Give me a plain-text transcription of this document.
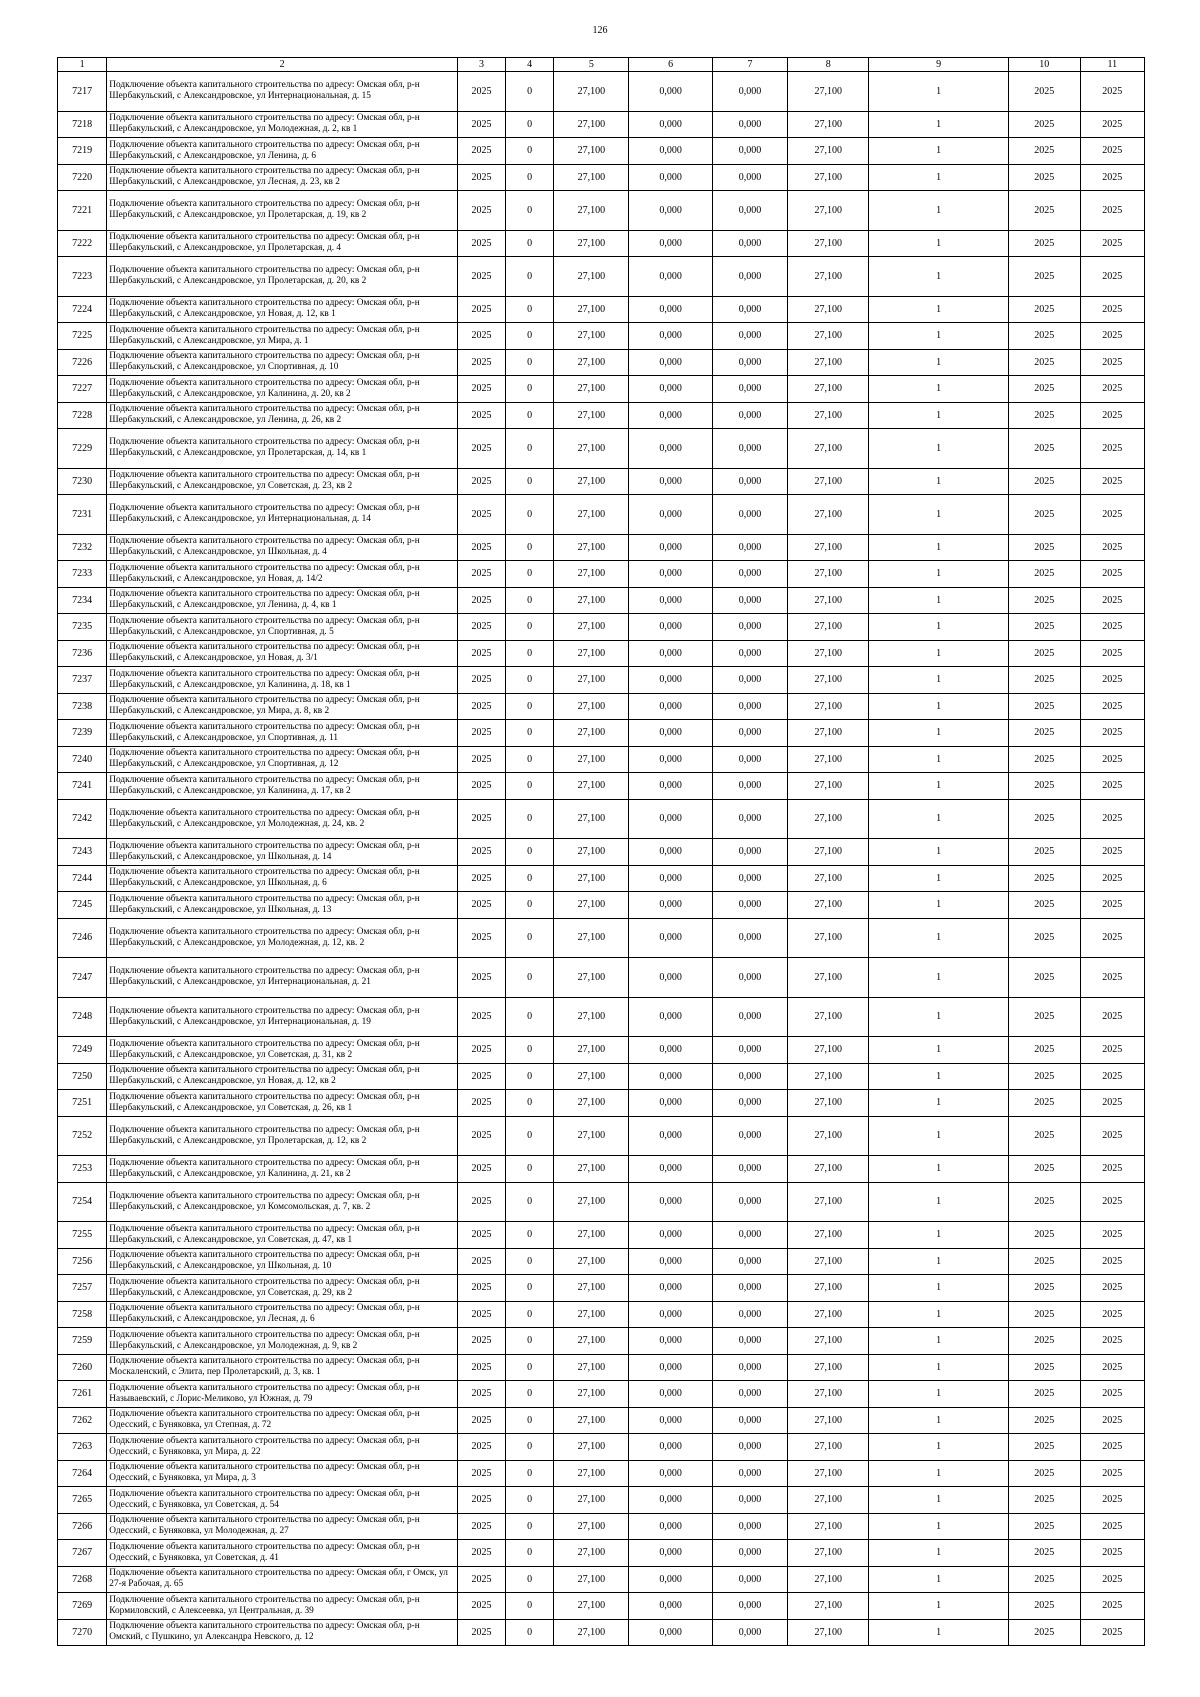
126
1	2	3	4	5	6	7	8	9	10	11
7217	Подключение объекта капитального строительства по адресу: Омская обл, р-н Шербакульский, с Александровское, ул Интернациональная, д. 15	2025	0	27,100	0,000	0,000	27,100	1	2025	2025
7218	Подключение объекта капитального строительства по адресу: Омская обл, р-н Шербакульский, с Александровское, ул Молодежная, д. 2, кв 1	2025	0	27,100	0,000	0,000	27,100	1	2025	2025
7219	Подключение объекта капитального строительства по адресу: Омская обл, р-н Шербакульский, с Александровское, ул Ленина, д. 6	2025	0	27,100	0,000	0,000	27,100	1	2025	2025
7220	Подключение объекта капитального строительства по адресу: Омская обл, р-н Шербакульский, с Александровское, ул Лесная, д. 23, кв 2	2025	0	27,100	0,000	0,000	27,100	1	2025	2025
7221	Подключение объекта капитального строительства по адресу: Омская обл, р-н Шербакульский, с Александровское, ул Пролетарская, д. 19, кв 2	2025	0	27,100	0,000	0,000	27,100	1	2025	2025
7222	Подключение объекта капитального строительства по адресу: Омская обл, р-н Шербакульский, с Александровское, ул Пролетарская, д. 4	2025	0	27,100	0,000	0,000	27,100	1	2025	2025
7223	Подключение объекта капитального строительства по адресу: Омская обл, р-н Шербакульский, с Александровское, ул Пролетарская, д. 20, кв 2	2025	0	27,100	0,000	0,000	27,100	1	2025	2025
7224	Подключение объекта капитального строительства по адресу: Омская обл, р-н Шербакульский, с Александровское, ул Новая, д. 12, кв 1	2025	0	27,100	0,000	0,000	27,100	1	2025	2025
7225	Подключение объекта капитального строительства по адресу: Омская обл, р-н Шербакульский, с Александровское, ул Мира, д. 1	2025	0	27,100	0,000	0,000	27,100	1	2025	2025
7226	Подключение объекта капитального строительства по адресу: Омская обл, р-н Шербакульский, с Александровское, ул Спортивная, д. 10	2025	0	27,100	0,000	0,000	27,100	1	2025	2025
7227	Подключение объекта капитального строительства по адресу: Омская обл, р-н Шербакульский, с Александровское, ул Калинина, д. 20, кв 2	2025	0	27,100	0,000	0,000	27,100	1	2025	2025
7228	Подключение объекта капитального строительства по адресу: Омская обл, р-н Шербакульский, с Александровское, ул Ленина, д. 26, кв 2	2025	0	27,100	0,000	0,000	27,100	1	2025	2025
7229	Подключение объекта капитального строительства по адресу: Омская обл, р-н Шербакульский, с Александровское, ул Пролетарская, д. 14, кв 1	2025	0	27,100	0,000	0,000	27,100	1	2025	2025
7230	Подключение объекта капитального строительства по адресу: Омская обл, р-н Шербакульский, с Александровское, ул Советская, д. 23, кв 2	2025	0	27,100	0,000	0,000	27,100	1	2025	2025
7231	Подключение объекта капитального строительства по адресу: Омская обл, р-н Шербакульский, с Александровское, ул Интернациональная, д. 14	2025	0	27,100	0,000	0,000	27,100	1	2025	2025
7232	Подключение объекта капитального строительства по адресу: Омская обл, р-н Шербакульский, с Александровское, ул Школьная, д. 4	2025	0	27,100	0,000	0,000	27,100	1	2025	2025
7233	Подключение объекта капитального строительства по адресу: Омская обл, р-н Шербакульский, с Александровское, ул Новая, д. 14/2	2025	0	27,100	0,000	0,000	27,100	1	2025	2025
7234	Подключение объекта капитального строительства по адресу: Омская обл, р-н Шербакульский, с Александровское, ул Ленина, д. 4, кв 1	2025	0	27,100	0,000	0,000	27,100	1	2025	2025
7235	Подключение объекта капитального строительства по адресу: Омская обл, р-н Шербакульский, с Александровское, ул Спортивная, д. 5	2025	0	27,100	0,000	0,000	27,100	1	2025	2025
7236	Подключение объекта капитального строительства по адресу: Омская обл, р-н Шербакульский, с Александровское, ул Новая, д. 3/1	2025	0	27,100	0,000	0,000	27,100	1	2025	2025
7237	Подключение объекта капитального строительства по адресу: Омская обл, р-н Шербакульский, с Александровское, ул Калинина, д. 18, кв 1	2025	0	27,100	0,000	0,000	27,100	1	2025	2025
7238	Подключение объекта капитального строительства по адресу: Омская обл, р-н Шербакульский, с Александровское, ул Мира, д. 8, кв 2	2025	0	27,100	0,000	0,000	27,100	1	2025	2025
7239	Подключение объекта капитального строительства по адресу: Омская обл, р-н Шербакульский, с Александровское, ул Спортивная, д. 11	2025	0	27,100	0,000	0,000	27,100	1	2025	2025
7240	Подключение объекта капитального строительства по адресу: Омская обл, р-н Шербакульский, с Александровское, ул Спортивная, д. 12	2025	0	27,100	0,000	0,000	27,100	1	2025	2025
7241	Подключение объекта капитального строительства по адресу: Омская обл, р-н Шербакульский, с Александровское, ул Калинина, д. 17, кв 2	2025	0	27,100	0,000	0,000	27,100	1	2025	2025
7242	Подключение объекта капитального строительства по адресу: Омская обл, р-н Шербакульский, с Александровское, ул Молодежная, д. 24, кв. 2	2025	0	27,100	0,000	0,000	27,100	1	2025	2025
7243	Подключение объекта капитального строительства по адресу: Омская обл, р-н Шербакульский, с Александровское, ул Школьная, д. 14	2025	0	27,100	0,000	0,000	27,100	1	2025	2025
7244	Подключение объекта капитального строительства по адресу: Омская обл, р-н Шербакульский, с Александровское, ул Школьная, д. 6	2025	0	27,100	0,000	0,000	27,100	1	2025	2025
7245	Подключение объекта капитального строительства по адресу: Омская обл, р-н Шербакульский, с Александровское, ул Школьная, д. 13	2025	0	27,100	0,000	0,000	27,100	1	2025	2025
7246	Подключение объекта капитального строительства по адресу: Омская обл, р-н Шербакульский, с Александровское, ул Молодежная, д. 12, кв. 2	2025	0	27,100	0,000	0,000	27,100	1	2025	2025
7247	Подключение объекта капитального строительства по адресу: Омская обл, р-н Шербакульский, с Александровское, ул Интернациональная, д. 21	2025	0	27,100	0,000	0,000	27,100	1	2025	2025
7248	Подключение объекта капитального строительства по адресу: Омская обл, р-н Шербакульский, с Александровское, ул Интернациональная, д. 19	2025	0	27,100	0,000	0,000	27,100	1	2025	2025
7249	Подключение объекта капитального строительства по адресу: Омская обл, р-н Шербакульский, с Александровское, ул Советская, д. 31, кв 2	2025	0	27,100	0,000	0,000	27,100	1	2025	2025
7250	Подключение объекта капитального строительства по адресу: Омская обл, р-н Шербакульский, с Александровское, ул Новая, д. 12, кв 2	2025	0	27,100	0,000	0,000	27,100	1	2025	2025
7251	Подключение объекта капитального строительства по адресу: Омская обл, р-н Шербакульский, с Александровское, ул Советская, д. 26, кв 1	2025	0	27,100	0,000	0,000	27,100	1	2025	2025
7252	Подключение объекта капитального строительства по адресу: Омская обл, р-н Шербакульский, с Александровское, ул Пролетарская, д. 12, кв 2	2025	0	27,100	0,000	0,000	27,100	1	2025	2025
7253	Подключение объекта капитального строительства по адресу: Омская обл, р-н Шербакульский, с Александровское, ул Калинина, д. 21, кв 2	2025	0	27,100	0,000	0,000	27,100	1	2025	2025
7254	Подключение объекта капитального строительства по адресу: Омская обл, р-н Шербакульский, с Александровское, ул Комсомольская, д. 7, кв. 2	2025	0	27,100	0,000	0,000	27,100	1	2025	2025
7255	Подключение объекта капитального строительства по адресу: Омская обл, р-н Шербакульский, с Александровское, ул Советская, д. 47, кв 1	2025	0	27,100	0,000	0,000	27,100	1	2025	2025
7256	Подключение объекта капитального строительства по адресу: Омская обл, р-н Шербакульский, с Александровское, ул Школьная, д. 10	2025	0	27,100	0,000	0,000	27,100	1	2025	2025
7257	Подключение объекта капитального строительства по адресу: Омская обл, р-н Шербакульский, с Александровское, ул Советская, д. 29, кв 2	2025	0	27,100	0,000	0,000	27,100	1	2025	2025
7258	Подключение объекта капитального строительства по адресу: Омская обл, р-н Шербакульский, с Александровское, ул Лесная, д. 6	2025	0	27,100	0,000	0,000	27,100	1	2025	2025
7259	Подключение объекта капитального строительства по адресу: Омская обл, р-н Шербакульский, с Александровское, ул Молодежная, д. 9, кв 2	2025	0	27,100	0,000	0,000	27,100	1	2025	2025
7260	Подключение объекта капитального строительства по адресу: Омская обл, р-н Москаленский, с Элита, пер Пролетарский, д. 3, кв. 1	2025	0	27,100	0,000	0,000	27,100	1	2025	2025
7261	Подключение объекта капитального строительства по адресу: Омская обл, р-н Называевский, с Лорис-Меликово, ул Южная, д. 79	2025	0	27,100	0,000	0,000	27,100	1	2025	2025
7262	Подключение объекта капитального строительства по адресу: Омская обл, р-н Одесский, с Буняковка, ул Степная, д. 72	2025	0	27,100	0,000	0,000	27,100	1	2025	2025
7263	Подключение объекта капитального строительства по адресу: Омская обл, р-н Одесский, с Буняковка, ул Мира, д. 22	2025	0	27,100	0,000	0,000	27,100	1	2025	2025
7264	Подключение объекта капитального строительства по адресу: Омская обл, р-н Одесский, с Буняковка, ул Мира, д. 3	2025	0	27,100	0,000	0,000	27,100	1	2025	2025
7265	Подключение объекта капитального строительства по адресу: Омская обл, р-н Одесский, с Буняковка, ул Советская, д. 54	2025	0	27,100	0,000	0,000	27,100	1	2025	2025
7266	Подключение объекта капитального строительства по адресу: Омская обл, р-н Одесский, с Буняковка, ул Молодежная, д. 27	2025	0	27,100	0,000	0,000	27,100	1	2025	2025
7267	Подключение объекта капитального строительства по адресу: Омская обл, р-н Одесский, с Буняковка, ул Советская, д. 41	2025	0	27,100	0,000	0,000	27,100	1	2025	2025
7268	Подключение объекта капитального строительства по адресу: Омская обл, г Омск, ул 27-я Рабочая, д. 65	2025	0	27,100	0,000	0,000	27,100	1	2025	2025
7269	Подключение объекта капитального строительства по адресу: Омская обл, р-н Кормиловский, с Алексеевка, ул Центральная, д. 39	2025	0	27,100	0,000	0,000	27,100	1	2025	2025
7270	Подключение объекта капитального строительства по адресу: Омская обл, р-н Омский, с Пушкино, ул Александра Невского, д. 12	2025	0	27,100	0,000	0,000	27,100	1	2025	2025
